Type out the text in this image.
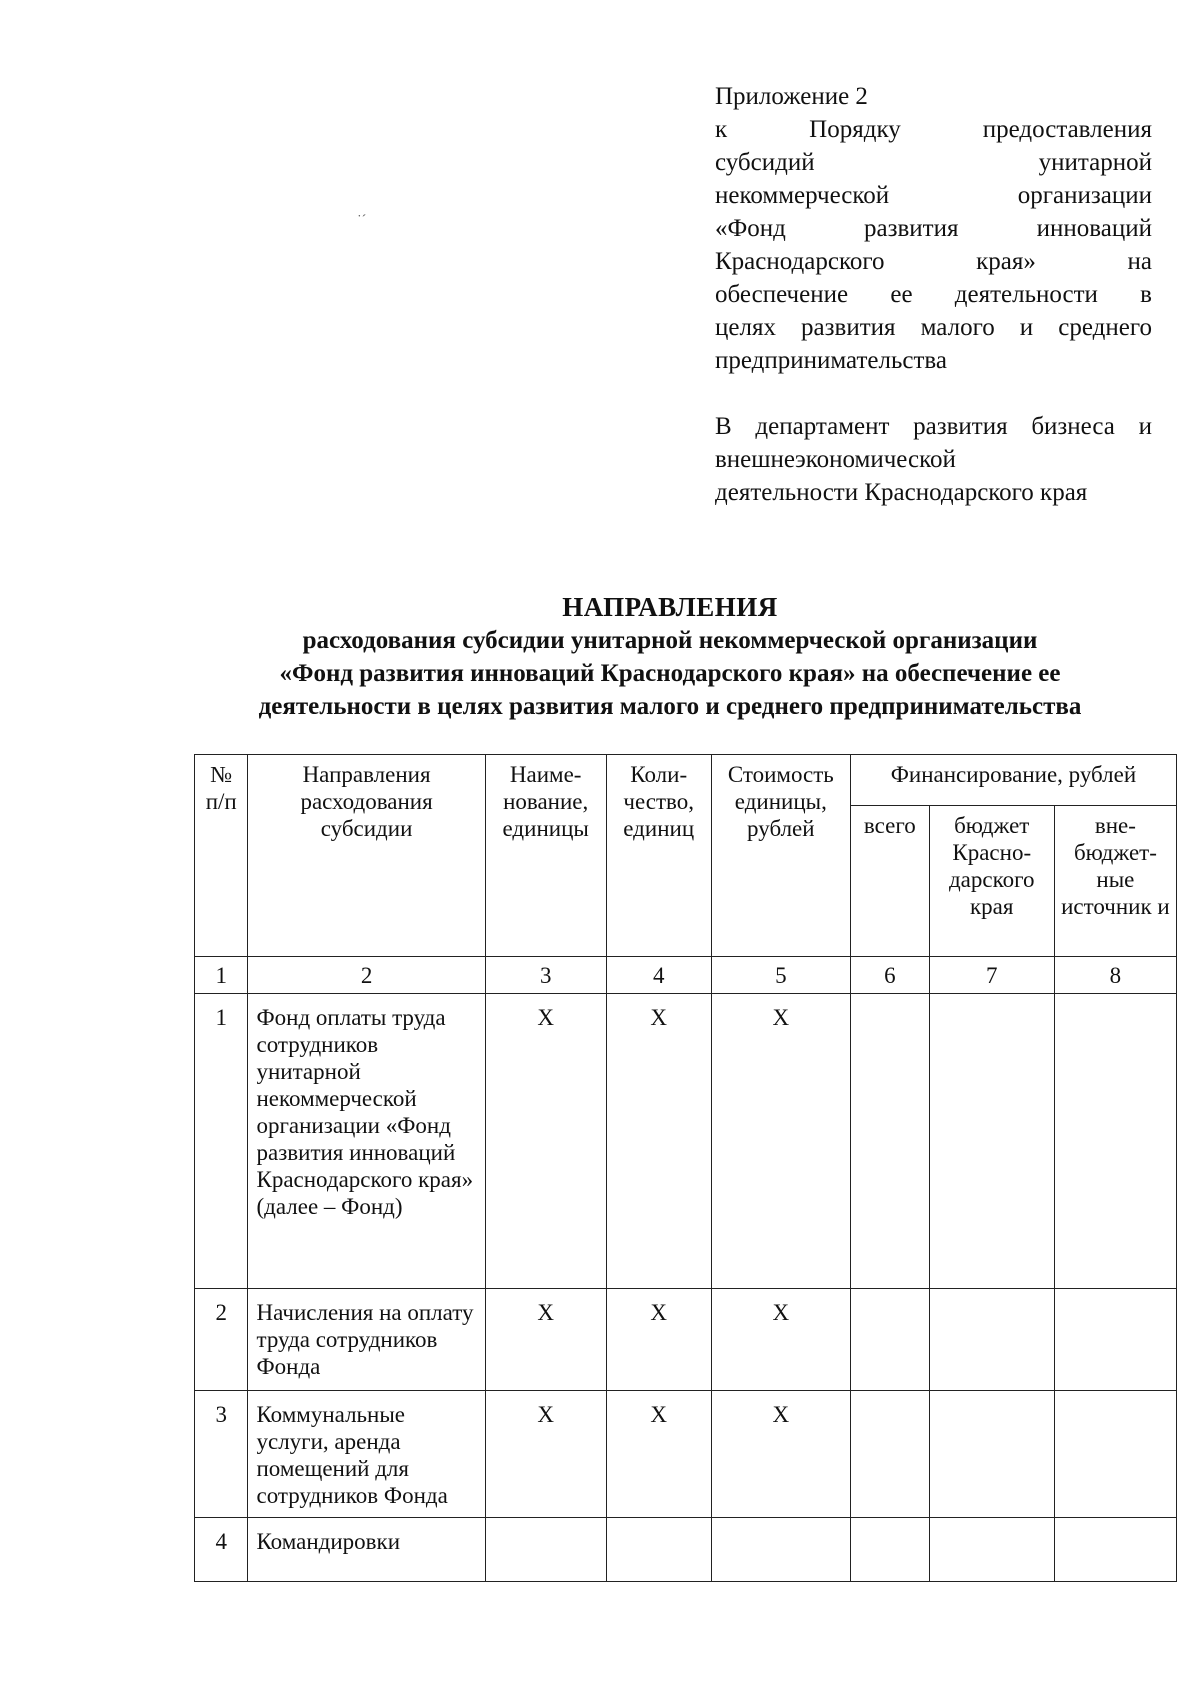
˙´
Приложение 2
к Порядку предоставления
субсидий унитарной
некоммерческой организации
«Фонд развития инноваций
Краснодарского края» на
обеспечение ее деятельности в
целях развития малого и среднего
предпринимательства
В департамент развития бизнеса и
внешнеэкономической
деятельности Краснодарского края
НАПРАВЛЕНИЯ
расходования субсидии унитарной некоммерческой организации
«Фонд развития инноваций Краснодарского края» на обеспечение ее
деятельности в целях развития малого и среднего предпринимательства
№ п/п	Направления расходования субсидии	Наиме-нование, единицы	Коли-чество, единиц	Стоимость единицы, рублей	Финансирование, рублей		
					всего	бюджет Красно-дарского края	вне-бюджет-ные источник и
1	2	3	4	5	6	7	8
1	Фонд оплаты труда сотрудников унитарной некоммерческой организации «Фонд развития инноваций Краснодарского края» (далее – Фонд)	X	X	X			
2	Начисления на оплату труда сотрудников Фонда	X	X	X			
3	Коммунальные услуги, аренда помещений для сотрудников Фонда	X	X	X			
4	Командировки						
